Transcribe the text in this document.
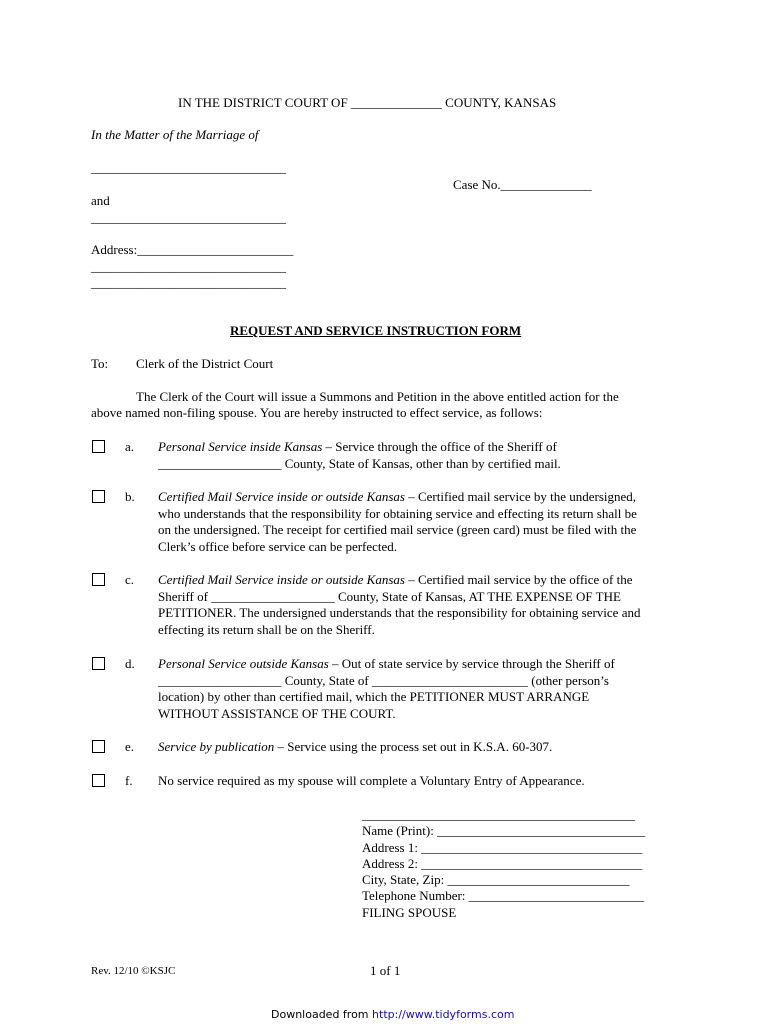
IN THE DISTRICT COURT OF ______________ COUNTY, KANSAS
In the Matter of the Marriage of
______________________________
Case No.______________
and
______________________________
Address:________________________
______________________________
______________________________
REQUEST AND SERVICE INSTRUCTION FORM
To: Clerk of the District Court
The Clerk of the Court will issue a Summons and Petition in the above entitled action for the
above named non-filing spouse. You are hereby instructed to effect service, as follows:
a. Personal Service inside Kansas – Service through the office of the Sheriff of
___________________ County, State of Kansas, other than by certified mail.
b. Certified Mail Service inside or outside Kansas – Certified mail service by the undersigned,
who understands that the responsibility for obtaining service and effecting its return shall be
on the undersigned. The receipt for certified mail service (green card) must be filed with the
Clerk’s office before service can be perfected.
c. Certified Mail Service inside or outside Kansas – Certified mail service by the office of the
Sheriff of ___________________ County, State of Kansas, AT THE EXPENSE OF THE
PETITIONER. The undersigned understands that the responsibility for obtaining service and
effecting its return shall be on the Sheriff.
d. Personal Service outside Kansas – Out of state service by service through the Sheriff of
___________________ County, State of ________________________ (other person’s
location) by other than certified mail, which the PETITIONER MUST ARRANGE
WITHOUT ASSISTANCE OF THE COURT.
e. Service by publication – Service using the process set out in K.S.A. 60-307.
f. No service required as my spouse will complete a Voluntary Entry of Appearance.
__________________________________________
Name (Print): ________________________________
Address 1: __________________________________
Address 2: __________________________________
City, State, Zip: ____________________________
Telephone Number: ___________________________
FILING SPOUSE
Rev. 12/10 ©KSJC	1 of 1
Downloaded from http://www.tidyforms.com
